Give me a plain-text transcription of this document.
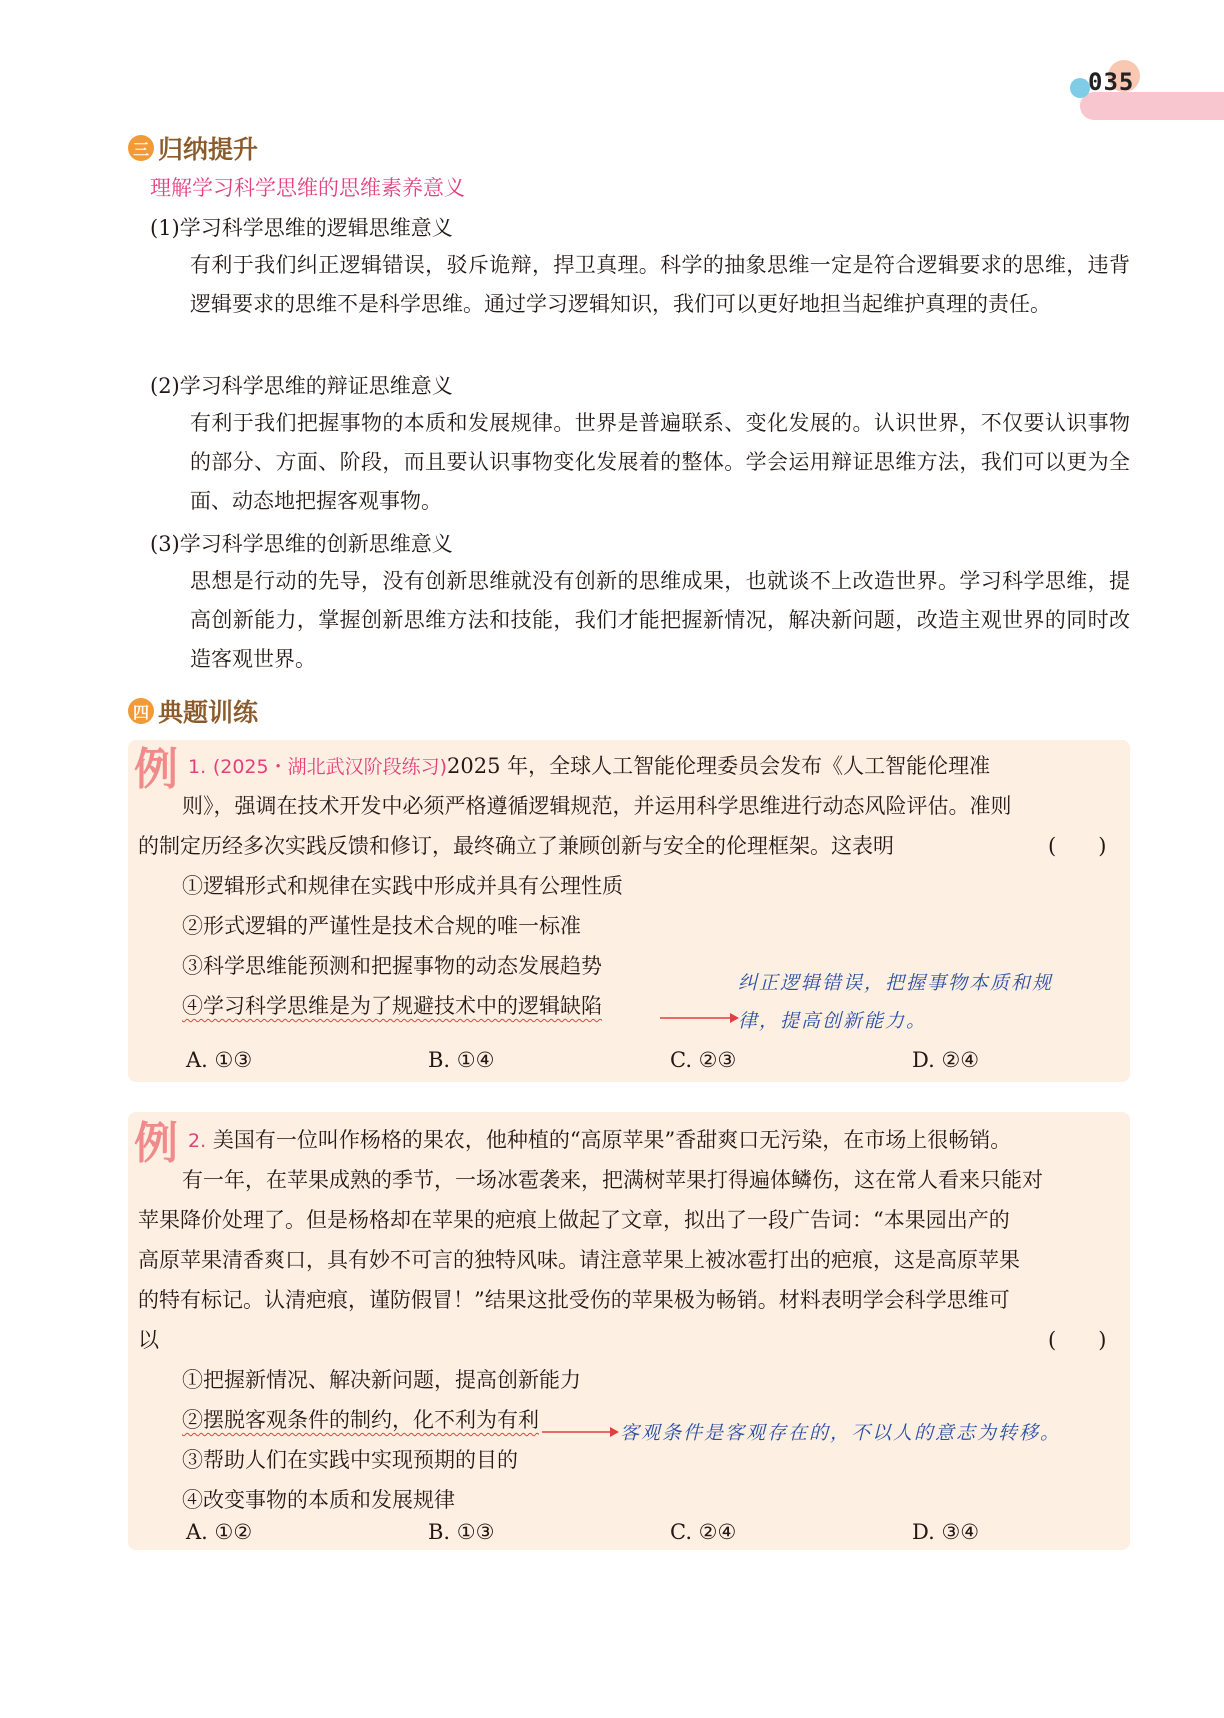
035
三 归纳提升
理解学习科学思维的思维素养意义
(1)学习科学思维的逻辑思维意义
有利于我们纠正逻辑错误，驳斥诡辩，捍卫真理。科学的抽象思维一定是符合逻辑要求的思维，违背逻辑要求的思维不是科学思维。通过学习逻辑知识，我们可以更好地担当起维护真理的责任。
(2)学习科学思维的辩证思维意义
有利于我们把握事物的本质和发展规律。世界是普遍联系、变化发展的。认识世界，不仅要认识事物的部分、方面、阶段，而且要认识事物变化发展着的整体。学会运用辩证思维方法，我们可以更为全面、动态地把握客观事物。
(3)学习科学思维的创新思维意义
思想是行动的先导，没有创新思维就没有创新的思维成果，也就谈不上改造世界。学习科学思维，提高创新能力，掌握创新思维方法和技能，我们才能把握新情况，解决新问题，改造主观世界的同时改造客观世界。
四 典题训练
例 1. (2025・湖北武汉阶段练习)2025 年，全球人工智能伦理委员会发布《人工智能伦理准
则》，强调在技术开发中必须严格遵循逻辑规范，并运用科学思维进行动态风险评估。准则
的制定历经多次实践反馈和修订，最终确立了兼顾创新与安全的伦理框架。这表明	(　　)
①逻辑形式和规律在实践中形成并具有公理性质
②形式逻辑的严谨性是技术合规的唯一标准
③科学思维能预测和把握事物的动态发展趋势
④学习科学思维是为了规避技术中的逻辑缺陷
纠正逻辑错误，把握事物本质和规
律，提高创新能力。
A. ①③	B. ①④	C. ②③	D. ②④
例 2. 美国有一位叫作杨格的果农，他种植的“高原苹果”香甜爽口无污染，在市场上很畅销。
有一年，在苹果成熟的季节，一场冰雹袭来，把满树苹果打得遍体鳞伤，这在常人看来只能对
苹果降价处理了。但是杨格却在苹果的疤痕上做起了文章，拟出了一段广告词：“本果园出产的
高原苹果清香爽口，具有妙不可言的独特风味。请注意苹果上被冰雹打出的疤痕，这是高原苹果
的特有标记。认清疤痕，谨防假冒！”结果这批受伤的苹果极为畅销。材料表明学会科学思维可
以	(　　)
①把握新情况、解决新问题，提高创新能力
②摆脱客观条件的制约，化不利为有利
客观条件是客观存在的，不以人的意志为转移。
③帮助人们在实践中实现预期的目的
④改变事物的本质和发展规律
A. ①②	B. ①③	C. ②④	D. ③④
